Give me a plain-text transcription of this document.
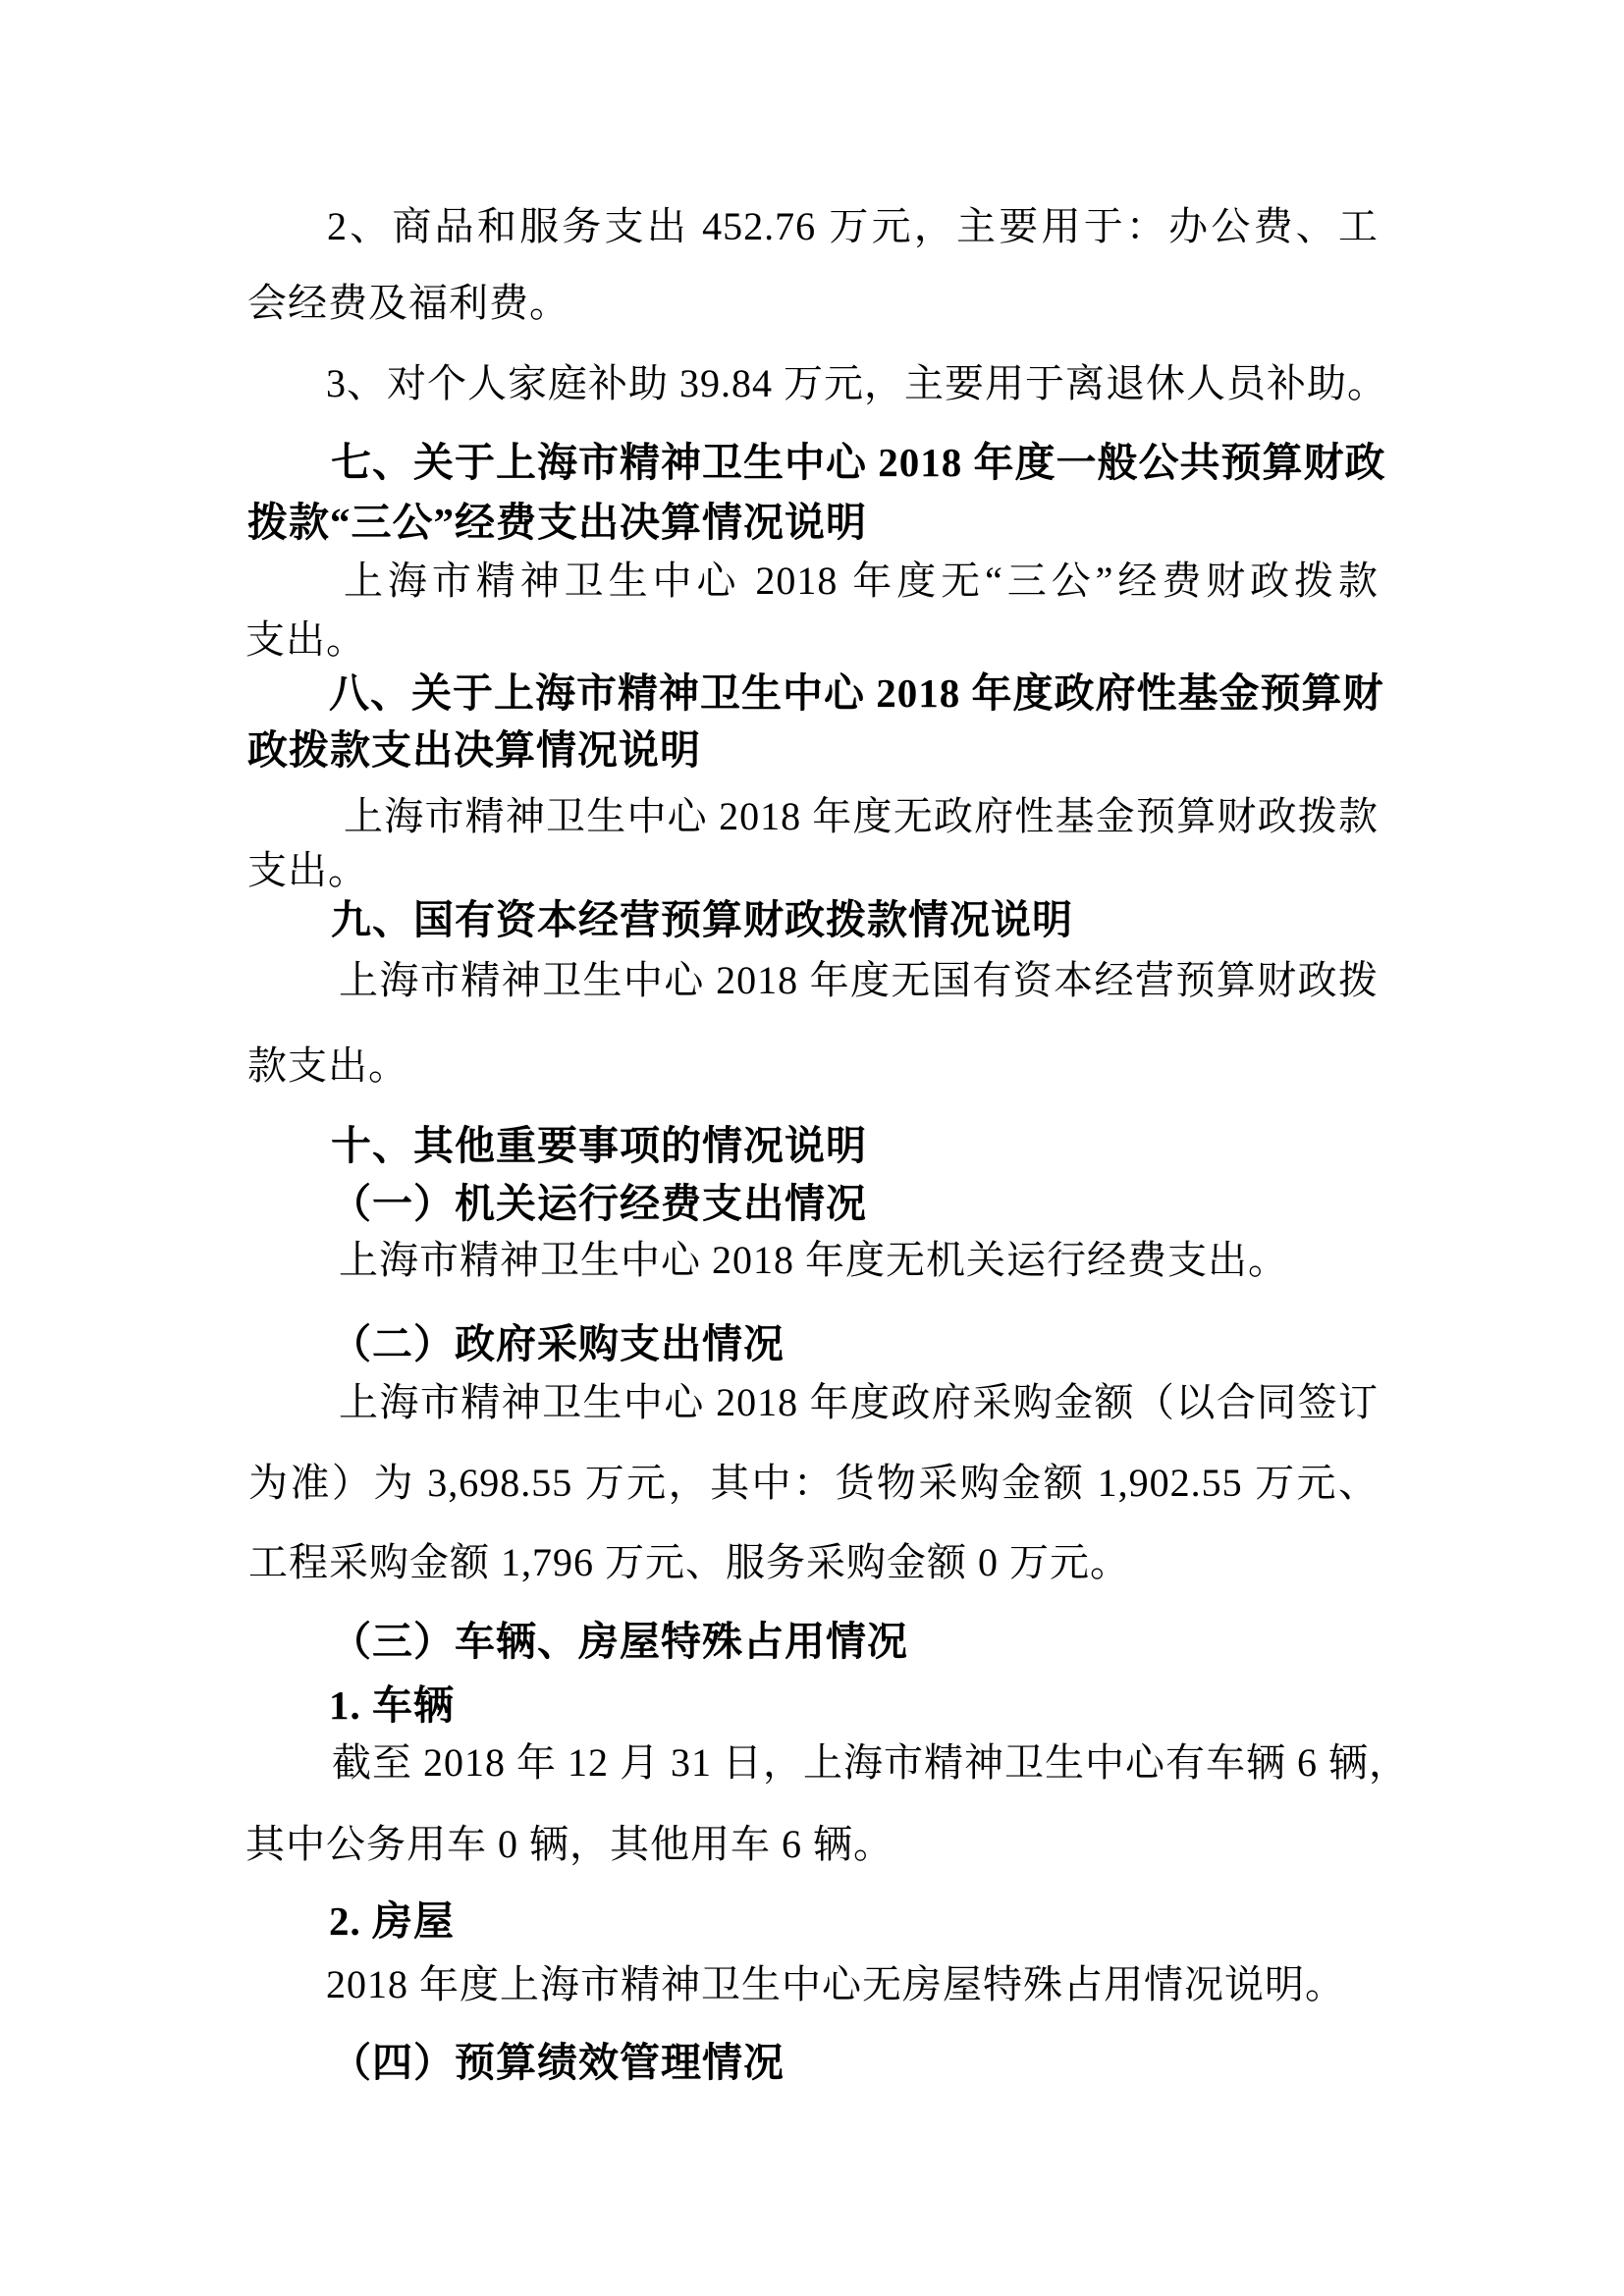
2、商品和服务支出 452.76 万元，主要用于：办公费、工
会经费及福利费。
3、对个人家庭补助 39.84 万元，主要用于离退休人员补助。
七、关于上海市精神卫生中心 2018 年度一般公共预算财政
拨款“三公”经费支出决算情况说明
上海市精神卫生中心 2018 年度无“三公”经费财政拨款
支出。
八、关于上海市精神卫生中心 2018 年度政府性基金预算财
政拨款支出决算情况说明
上海市精神卫生中心 2018 年度无政府性基金预算财政拨款
支出。
九、国有资本经营预算财政拨款情况说明
上海市精神卫生中心 2018 年度无国有资本经营预算财政拨
款支出。
十、其他重要事项的情况说明
（一）机关运行经费支出情况
上海市精神卫生中心 2018 年度无机关运行经费支出。
（二）政府采购支出情况
上海市精神卫生中心 2018 年度政府采购金额（以合同签订
为准）为 3,698.55 万元，其中：货物采购金额 1,902.55 万元、
工程采购金额 1,796 万元、服务采购金额 0 万元。
（三）车辆、房屋特殊占用情况
1. 车辆
截至 2018 年 12 月 31 日，上海市精神卫生中心有车辆 6 辆，
其中公务用车 0 辆，其他用车 6 辆。
2. 房屋
2018 年度上海市精神卫生中心无房屋特殊占用情况说明。
（四）预算绩效管理情况
